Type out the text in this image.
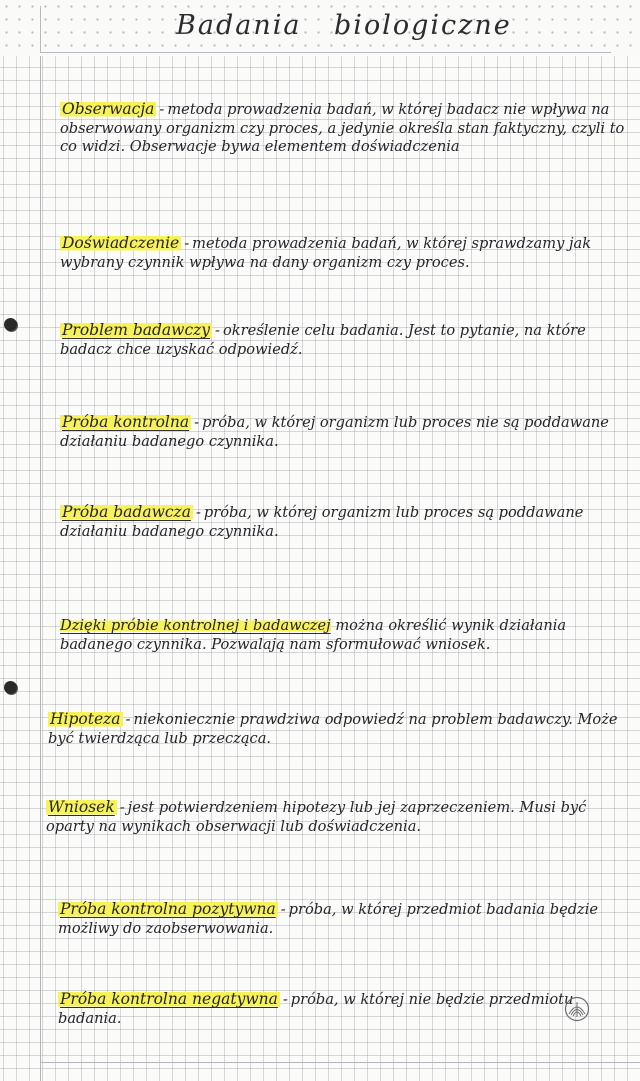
Badania biologiczne

Obserwacja - metoda prowadzenia badań, w której badacz nie wpływa na obserwowany organizm czy proces, a jedynie określa stan faktyczny, czyli to co widzi. Obserwacje bywa elementem doświadczenia

Doświadczenie - metoda prowadzenia badań, w której sprawdzamy jak wybrany czynnik wpływa na dany organizm czy proces.

Problem badawczy - określenie celu badania. Jest to pytanie, na które badacz chce uzyskać odpowiedź.

Próba kontrolna - próba, w której organizm lub proces nie są poddawane działaniu badanego czynnika.

Próba badawcza - próba, w której organizm lub proces są poddawane działaniu badanego czynnika.

Dzięki próbie kontrolnej i badawczej można określić wynik działania badanego czynnika. Pozwalają nam sformułować wniosek.

Hipoteza - niekoniecznie prawdziwa odpowiedź na problem badawczy. Może być twierdząca lub przecząca.

Wniosek - jest potwierdzeniem hipotezy lub jej zaprzeczeniem. Musi być oparty na wynikach obserwacji lub doświadczenia.

Próba kontrolna pozytywna - próba, w której przedmiot badania będzie możliwy do zaobserwowania.

Próba kontrolna negatywna - próba, w której nie będzie przedmiotu badania.
